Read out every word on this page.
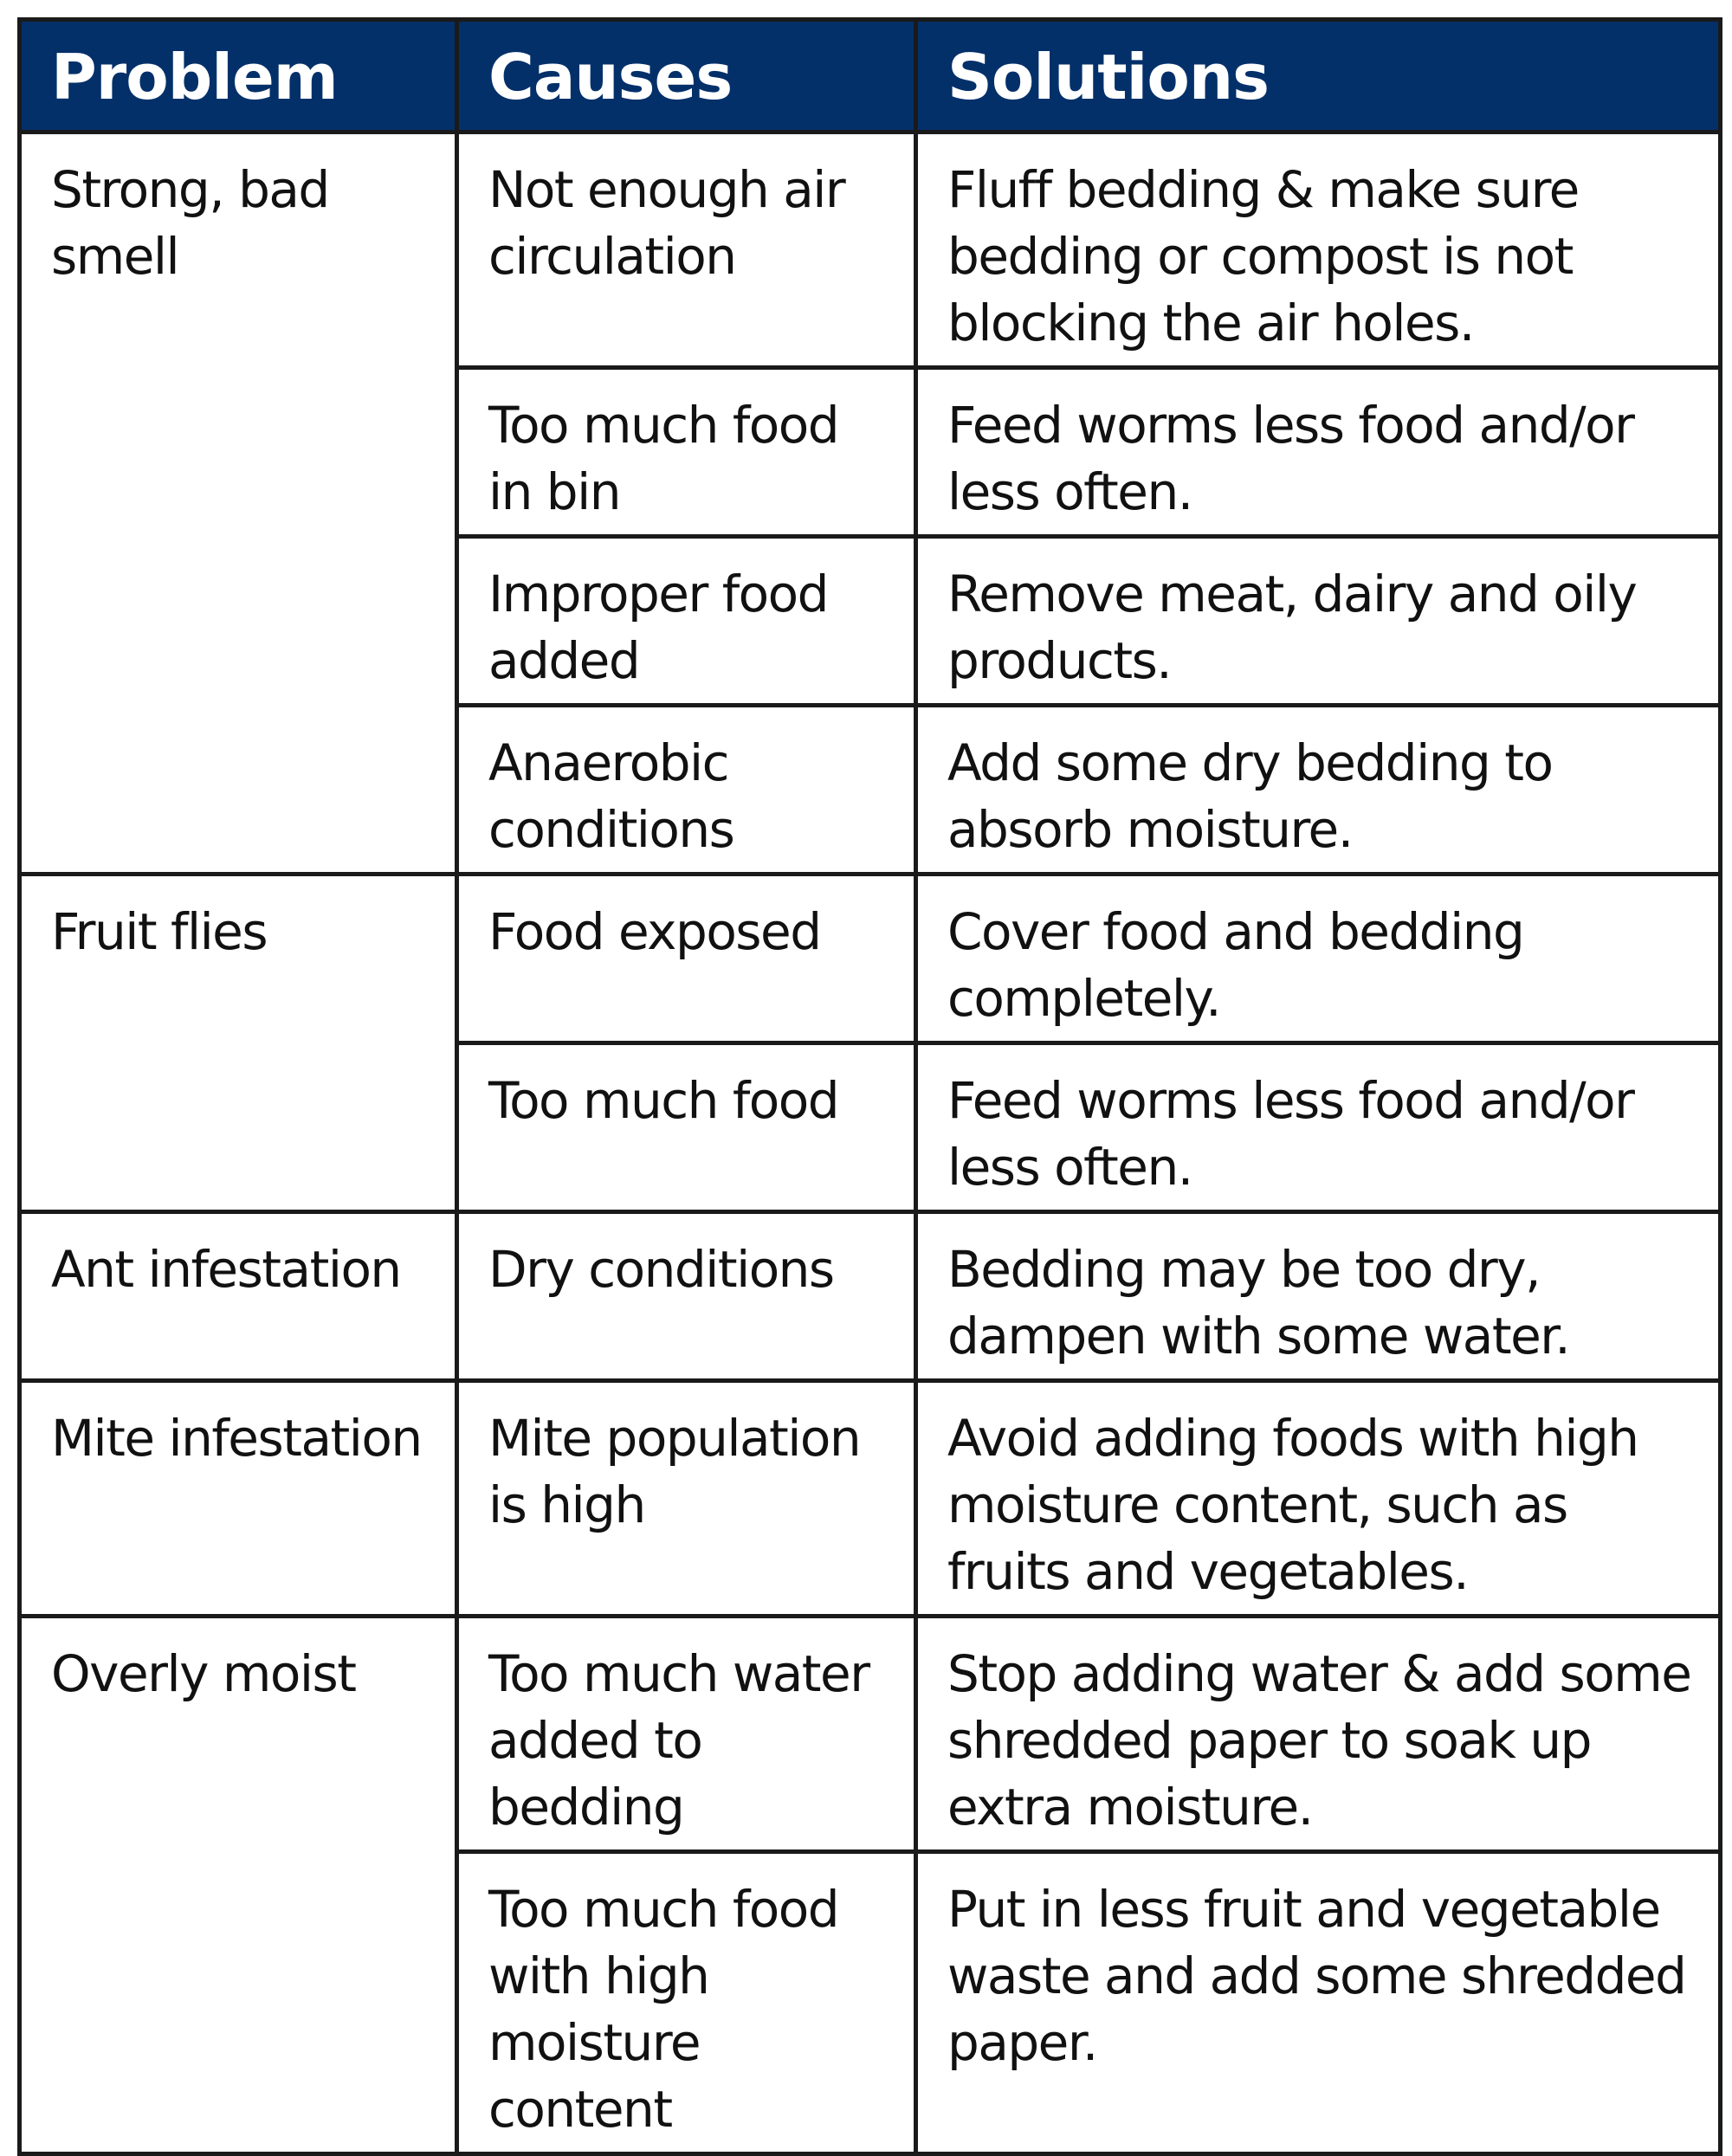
Problem	Causes	Solutions
Strong, bad smell	Not enough air circulation	Fluff bedding & make sure bedding or compost is not blocking the air holes.
	Too much food in bin	Feed worms less food and/or less often.
	Improper food added	Remove meat, dairy and oily products.
	Anaerobic conditions	Add some dry bedding to absorb moisture.
Fruit flies	Food exposed	Cover food and bedding completely.
	Too much food	Feed worms less food and/or less often.
Ant infestation	Dry conditions	Bedding may be too dry, dampen with some water.
Mite infestation	Mite population is high	Avoid adding foods with high moisture content, such as fruits and vegetables.
Overly moist	Too much water added to bedding	Stop adding water & add some shredded paper to soak up extra moisture.
	Too much food with high moisture content	Put in less fruit and vegetable waste and add some shredded paper.
